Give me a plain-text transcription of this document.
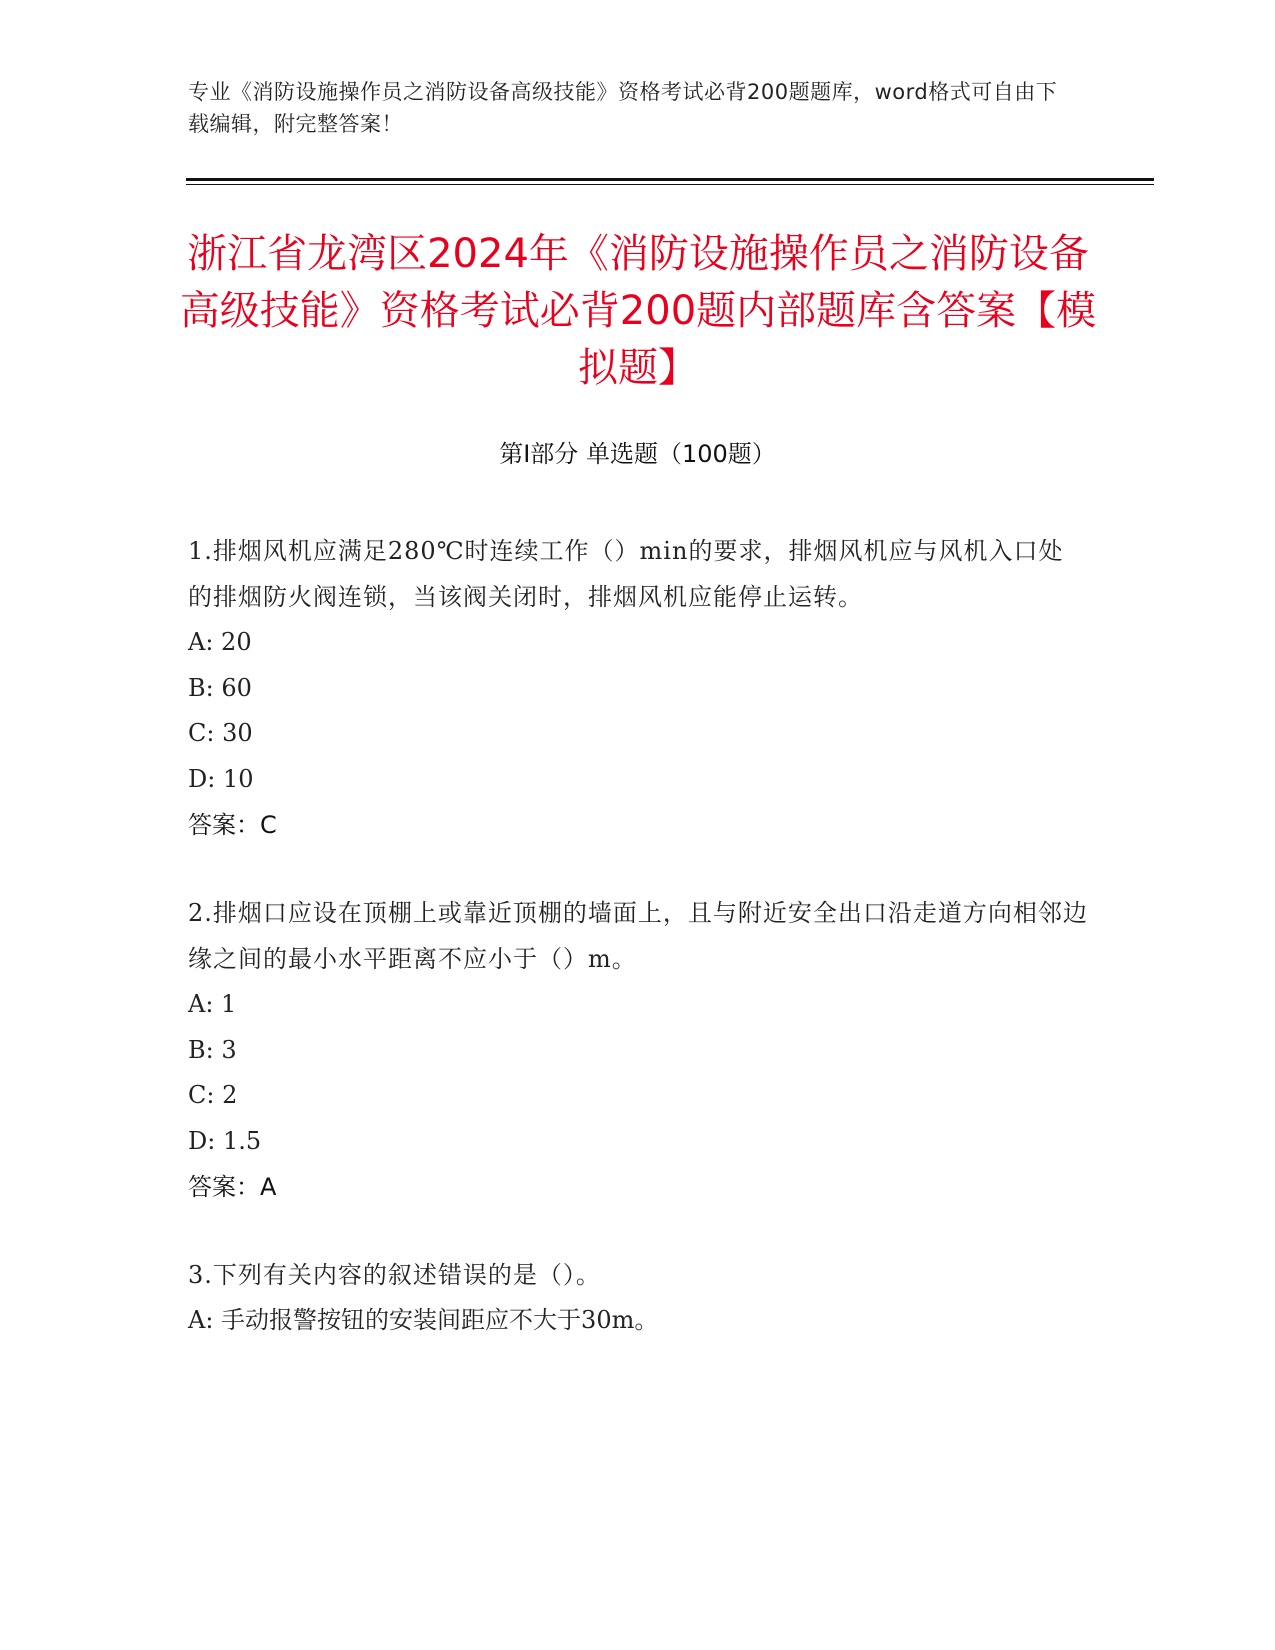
专业《消防设施操作员之消防设备高级技能》资格考试必背200题题库，word格式可自由下载编辑，附完整答案！
浙江省龙湾区2024年《消防设施操作员之消防设备高级技能》资格考试必背200题内部题库含答案【模拟题】
第Ⅰ部分 单选题（100题）

1.排烟风机应满足280℃时连续工作（）min的要求，排烟风机应与风机入口处的排烟防火阀连锁，当该阀关闭时，排烟风机应能停止运转。

A: 20

B: 60

C: 30

D: 10

答案：C

2.排烟口应设在顶棚上或靠近顶棚的墙面上，且与附近安全出口沿走道方向相邻边缘之间的最小水平距离不应小于（）m。

A: 1

B: 3

C: 2

D: 1.5

答案：A

3.下列有关内容的叙述错误的是（）。

A: 手动报警按钮的安装间距应不大于30m。
